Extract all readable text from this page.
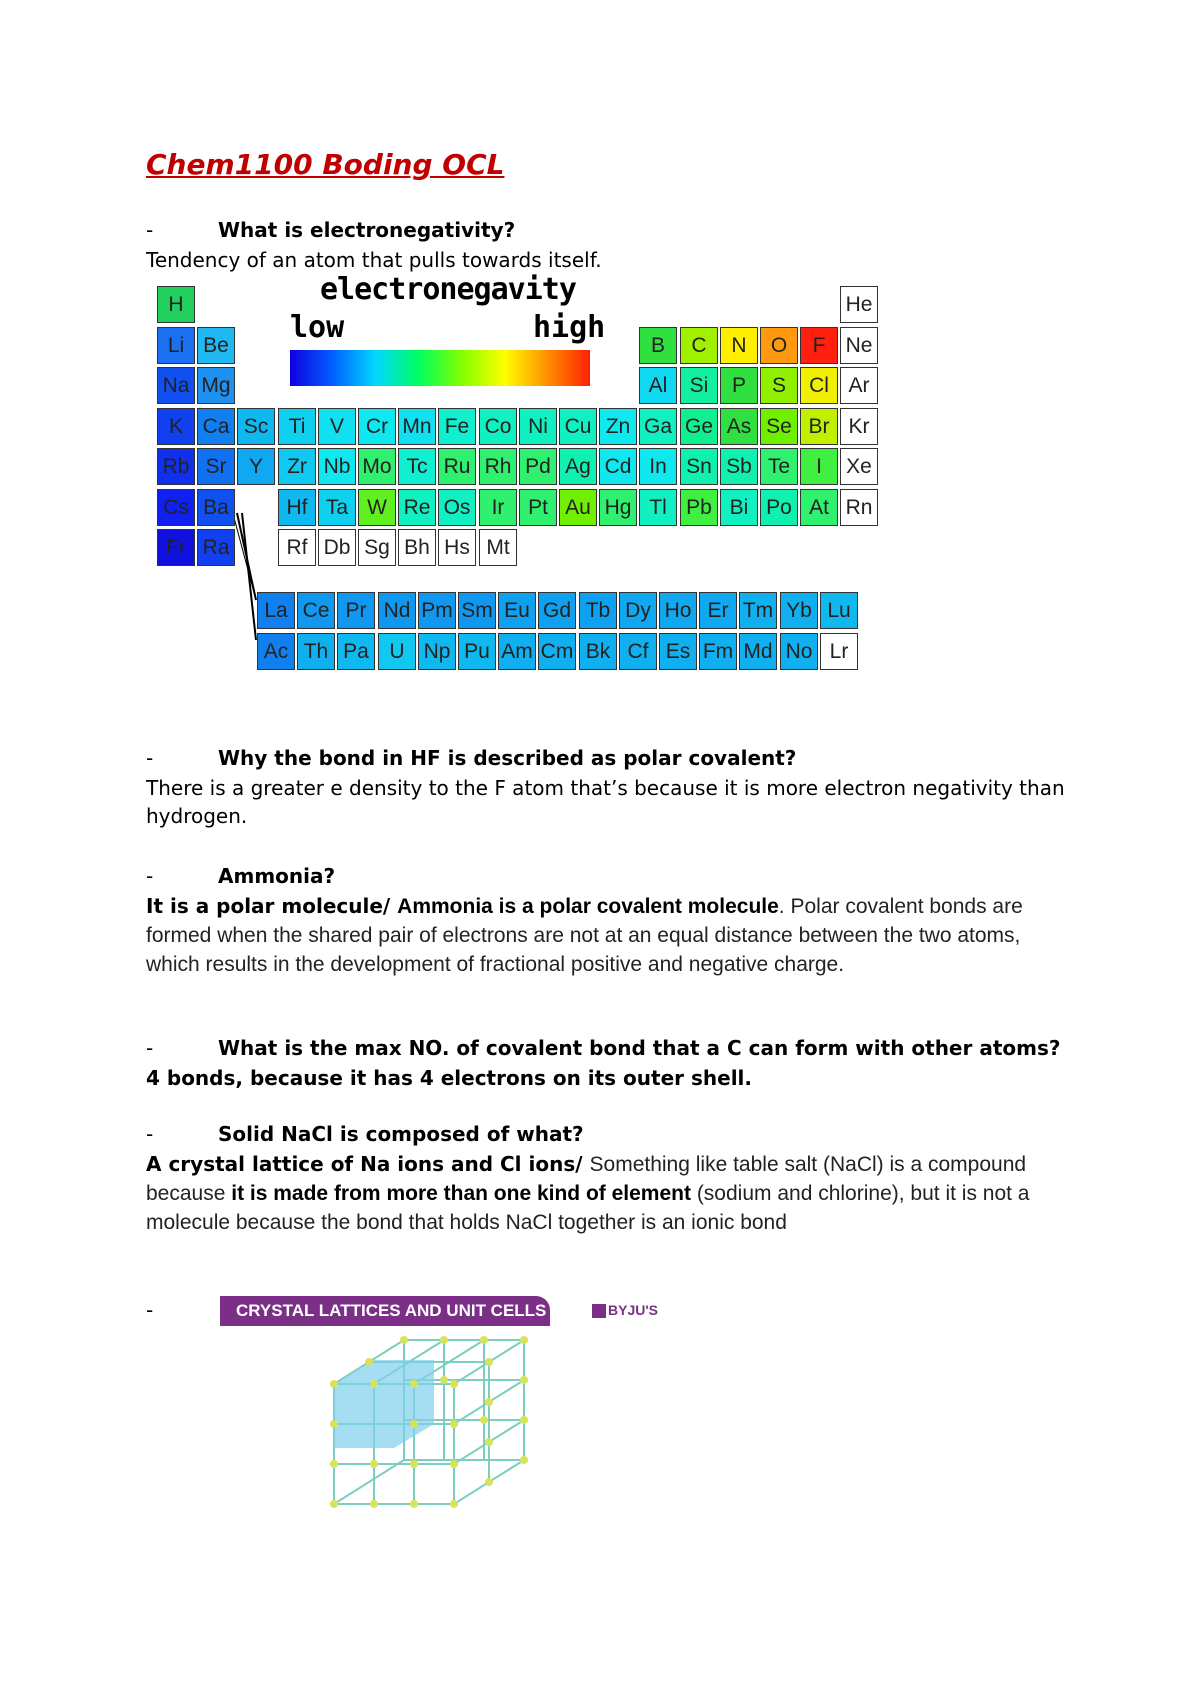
Chem1100 Boding OCL
-	What is electronegativity?
Tendency of an atom that pulls towards itself.
electronegavity
low	high
H	He
Li Be	B	C	N	O	F Ne
Na Mg	Al	Si	P	S	Cl Ar
K Ca Sc Ti	V	Cr Mn Fe Co Ni Cu Zn Ga Ge As Se Br Kr
Rb Sr	Y	Zr Nb Mo Tc Ru Rh Pd Ag Cd In Sn Sb Te	I	Xe
Cs Ba	Hf Ta W Re Os	Ir	Pt Au Hg Tl Pb Bi Po At Rn
Fr Ra	Rf Db Sg Bh Hs Mt
La Ce Pr Nd Pm Sm Eu Gd Tb Dy Ho Er Tm Yb Lu
Ac Th Pa U Np Pu Am Cm Bk Cf Es Fm Md No Lr
-	Why the bond in HF is described as polar covalent?
There is a greater e density to the F atom that’s because it is more electron negativity than hydrogen.
-	Ammonia?
It is a polar molecule/ Ammonia is a polar covalent molecule. Polar covalent bonds are formed when the shared pair of electrons are not at an equal distance between the two atoms, which results in the development of fractional positive and negative charge.
-	What is the max NO. of covalent bond that a C can form with other atoms?
4 bonds, because it has 4 electrons on its outer shell.
-	Solid NaCl is composed of what?
A crystal lattice of Na ions and Cl ions/ Something like table salt (NaCl) is a compound because it is made from more than one kind of element (sodium and chlorine), but it is not a molecule because the bond that holds NaCl together is an ionic bond
-	CRYSTAL LATTICES AND UNIT CELLS	BYJU'S
